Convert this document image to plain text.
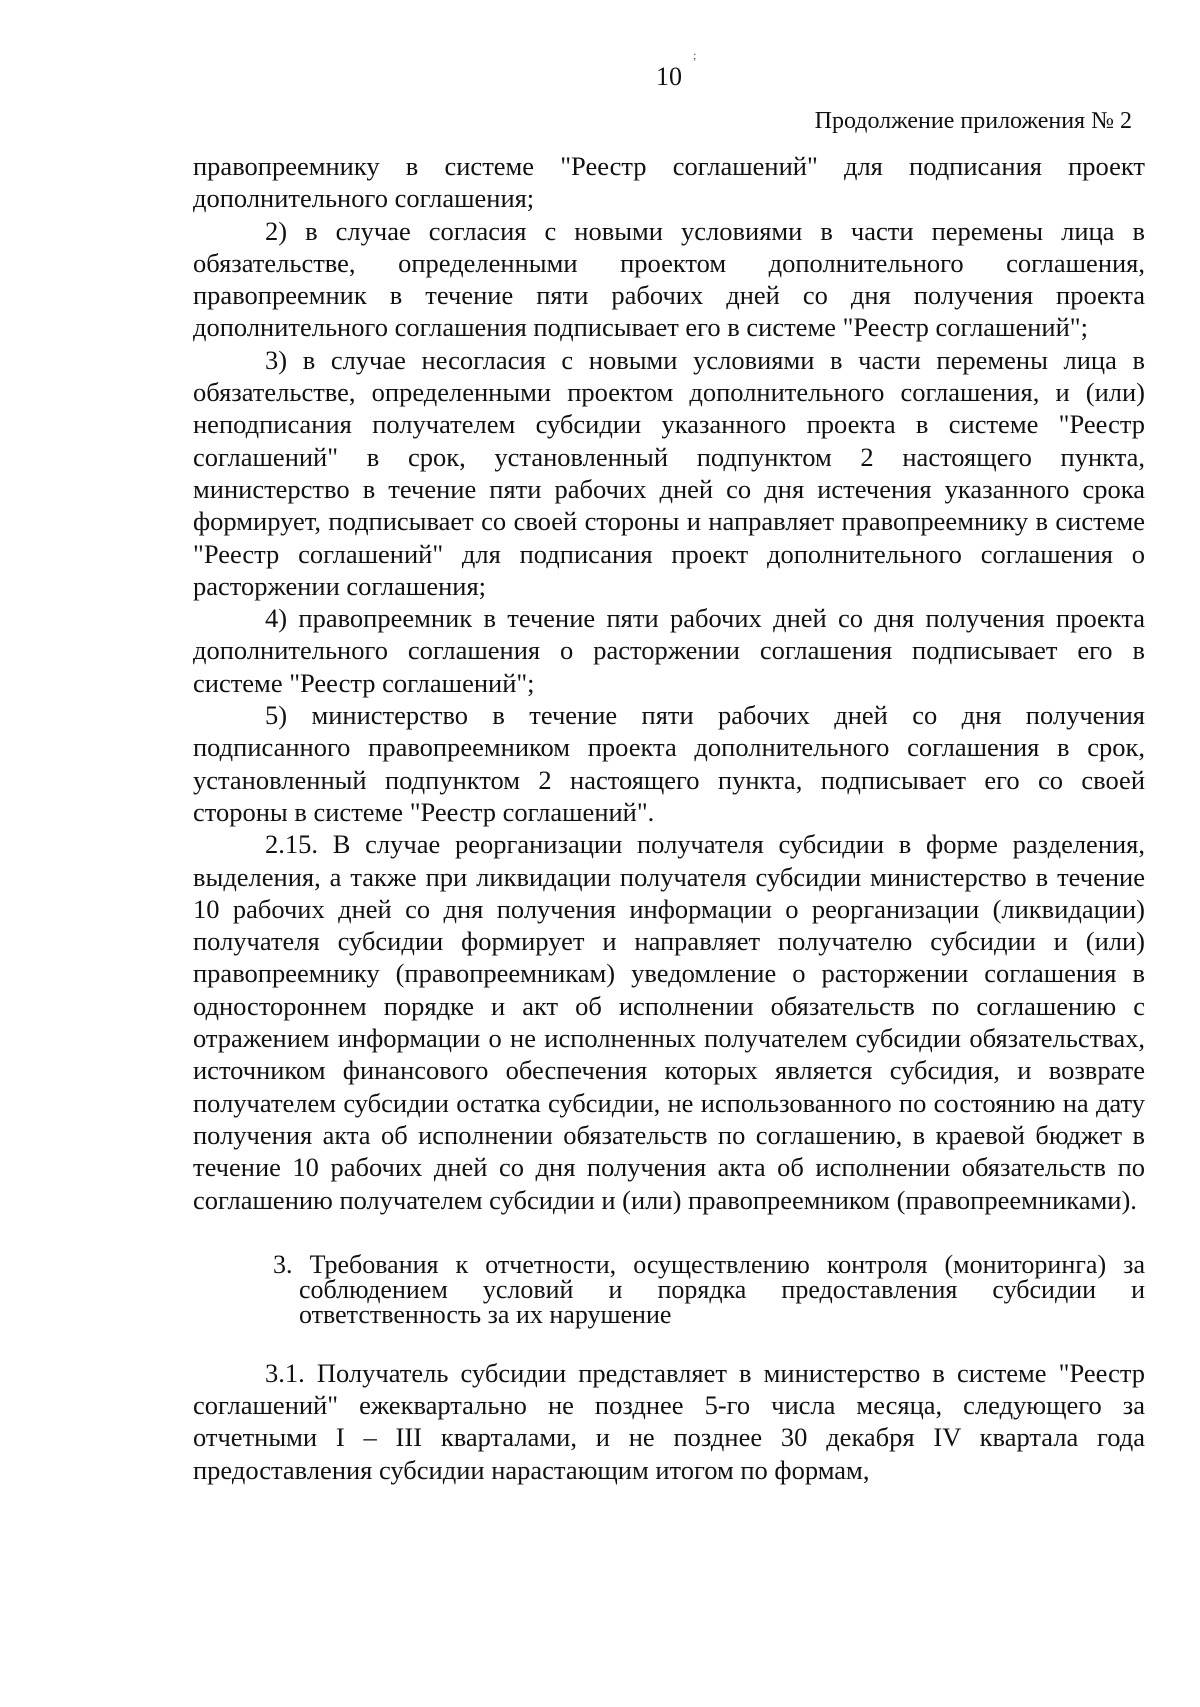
10
;
Продолжение приложения № 2

правопреемнику в системе "Реестр соглашений" для подписания проект дополнительного соглашения;

2) в случае согласия с новыми условиями в части перемены лица в обязательстве, определенными проектом дополнительного соглашения, правопреемник в течение пяти рабочих дней со дня получения проекта дополнительного соглашения подписывает его в системе "Реестр соглашений";

3) в случае несогласия с новыми условиями в части перемены лица в обязательстве, определенными проектом дополнительного соглашения, и (или) неподписания получателем субсидии указанного проекта в системе "Реестр соглашений" в срок, установленный подпунктом 2 настоящего пункта, министерство в течение пяти рабочих дней со дня истечения указанного срока формирует, подписывает со своей стороны и направляет правопреемнику в системе "Реестр соглашений" для подписания проект дополнительного соглашения о расторжении соглашения;

4) правопреемник в течение пяти рабочих дней со дня получения проекта дополнительного соглашения о расторжении соглашения подписывает его в системе "Реестр соглашений";

5) министерство в течение пяти рабочих дней со дня получения подписанного правопреемником проекта дополнительного соглашения в срок, установленный подпунктом 2 настоящего пункта, подписывает его со своей стороны в системе "Реестр соглашений".

2.15. В случае реорганизации получателя субсидии в форме разделения, выделения, а также при ликвидации получателя субсидии министерство в течение 10 рабочих дней со дня получения информации о реорганизации (ликвидации) получателя субсидии формирует и направляет получателю субсидии и (или) правопреемнику (правопреемникам) уведомление о расторжении соглашения в одностороннем порядке и акт об исполнении обязательств по соглашению с отражением информации о не исполненных получателем субсидии обязательствах, источником финансового обеспечения которых является субсидия, и возврате получателем субсидии остатка субсидии, не использованного по состоянию на дату получения акта об исполнении обязательств по соглашению, в краевой бюджет в течение 10 рабочих дней со дня получения акта об исполнении обязательств по соглашению получателем субсидии и (или) правопреемником (правопреемниками).

3. Требования к отчетности, осуществлению контроля (мониторинга) за соблюдением условий и порядка предоставления субсидии и ответственность за их нарушение

3.1. Получатель субсидии представляет в министерство в системе "Реестр соглашений" ежеквартально не позднее 5-го числа месяца, следующего за отчетными I – III кварталами, и не позднее 30 декабря IV квартала года предоставления субсидии нарастающим итогом по формам,
